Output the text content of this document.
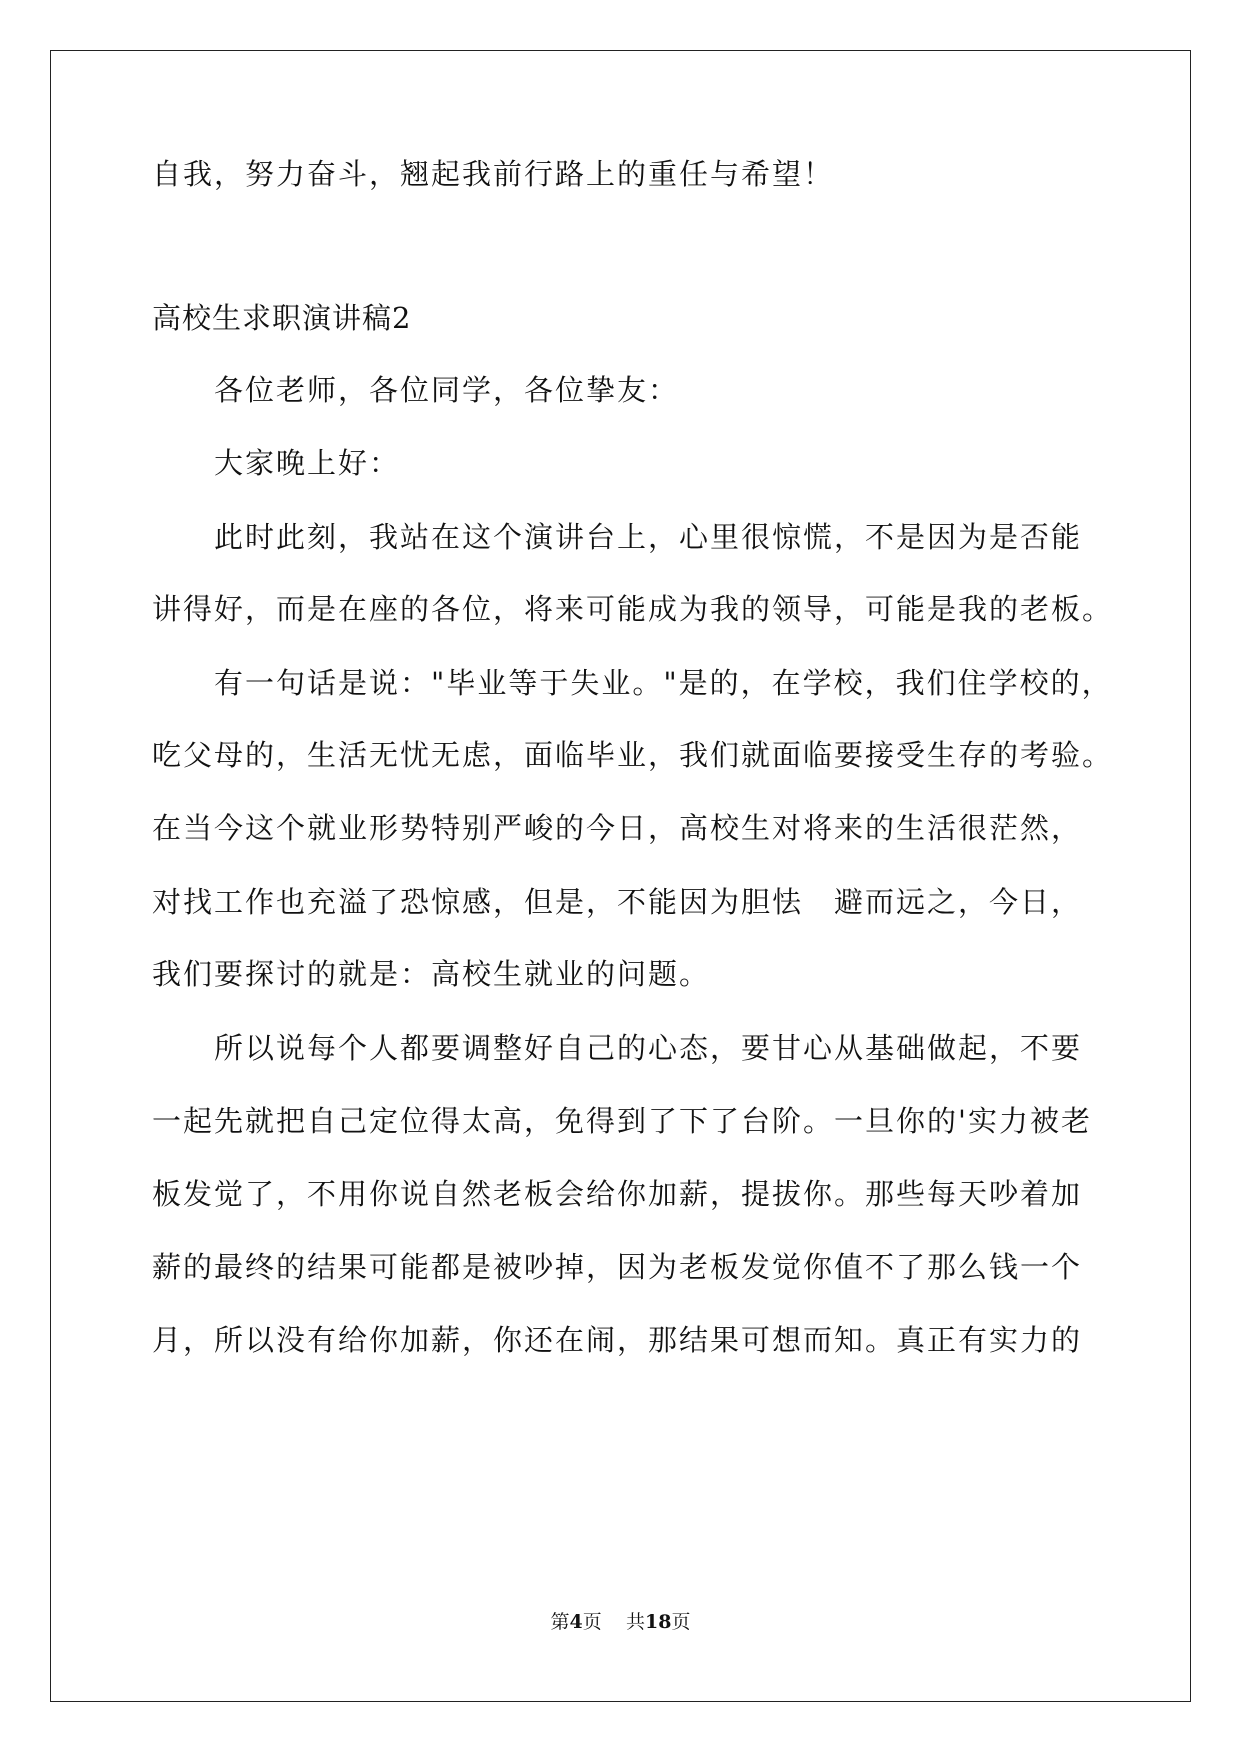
自我，努力奋斗，翘起我前行路上的重任与希望！
高校生求职演讲稿2
各位老师，各位同学，各位挚友：
大家晚上好：
此时此刻，我站在这个演讲台上，心里很惊慌，不是因为是否能
讲得好，而是在座的各位，将来可能成为我的领导，可能是我的老板。
有一句话是说："毕业等于失业。"是的，在学校，我们住学校的，
吃父母的，生活无忧无虑，面临毕业，我们就面临要接受生存的考验。
在当今这个就业形势特别严峻的今日，高校生对将来的生活很茫然，
对找工作也充溢了恐惊感，但是，不能因为胆怯　避而远之，今日，
我们要探讨的就是：高校生就业的问题。
所以说每个人都要调整好自己的心态，要甘心从基础做起，不要
一起先就把自己定位得太高，免得到了下了台阶。一旦你的'实力被老
板发觉了，不用你说自然老板会给你加薪，提拔你。那些每天吵着加
薪的最终的结果可能都是被吵掉，因为老板发觉你值不了那么钱一个
月，所以没有给你加薪，你还在闹，那结果可想而知。真正有实力的
第4页 共18页
